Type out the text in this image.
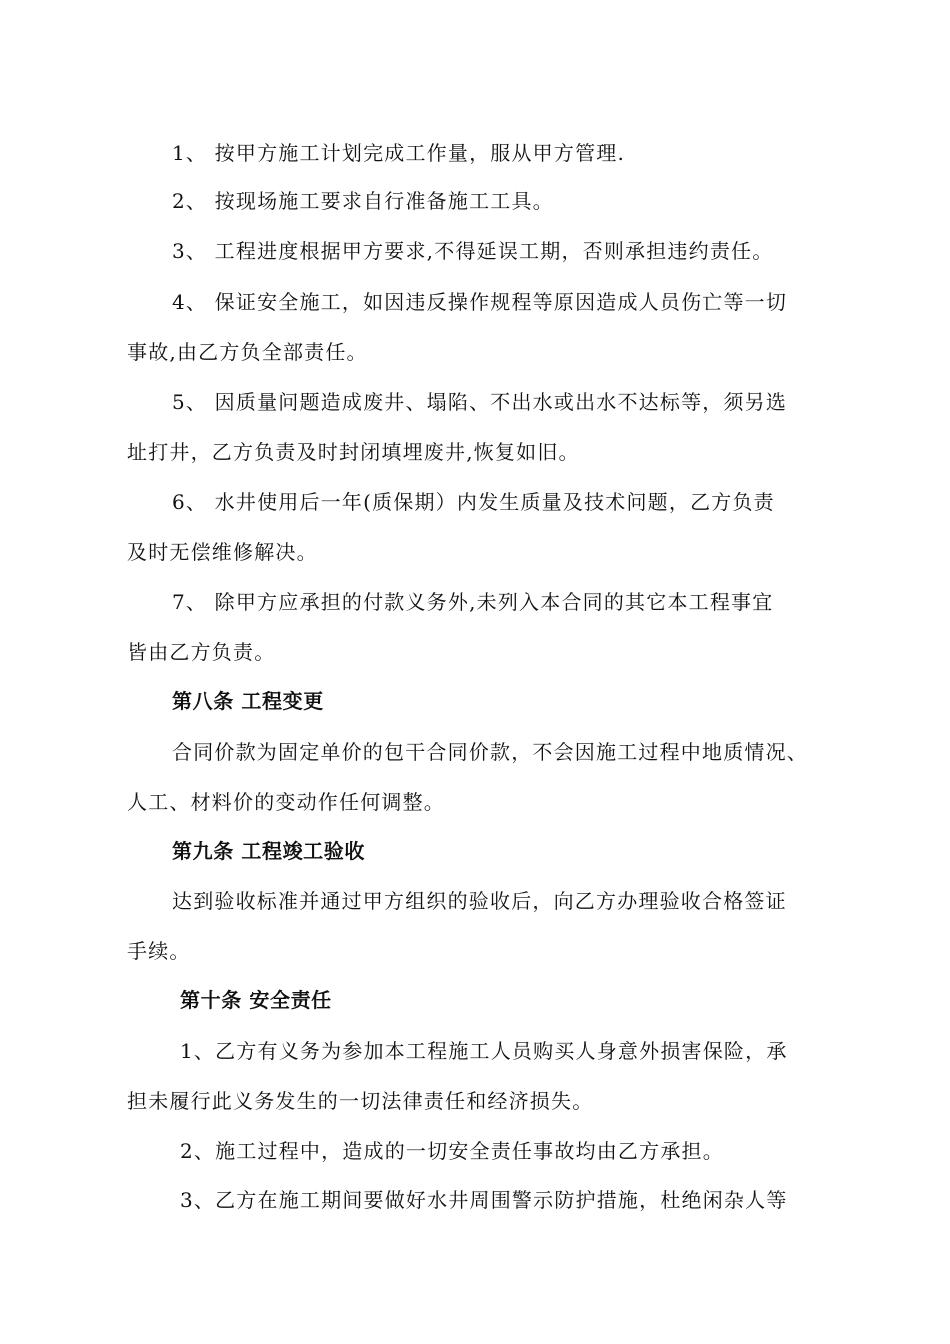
1、 按甲方施工计划完成工作量，服从甲方管理.
2、 按现场施工要求自行准备施工工具。
3、 工程进度根据甲方要求,不得延误工期，否则承担违约责任。
4、 保证安全施工，如因违反操作规程等原因造成人员伤亡等一切
事故,由乙方负全部责任。
5、 因质量问题造成废井、塌陷、不出水或出水不达标等，须另选
址打井，乙方负责及时封闭填埋废井,恢复如旧。
6、 水井使用后一年(质保期）内发生质量及技术问题，乙方负责
及时无偿维修解决。
7、 除甲方应承担的付款义务外,未列入本合同的其它本工程事宜
皆由乙方负责。
第八条 工程变更
合同价款为固定单价的包干合同价款，不会因施工过程中地质情况、
人工、材料价的变动作任何调整。
第九条 工程竣工验收
达到验收标准并通过甲方组织的验收后，向乙方办理验收合格签证
手续。
第十条 安全责任
1、乙方有义务为参加本工程施工人员购买人身意外损害保险，承
担未履行此义务发生的一切法律责任和经济损失。
2、施工过程中，造成的一切安全责任事故均由乙方承担。
3、乙方在施工期间要做好水井周围警示防护措施，杜绝闲杂人等
